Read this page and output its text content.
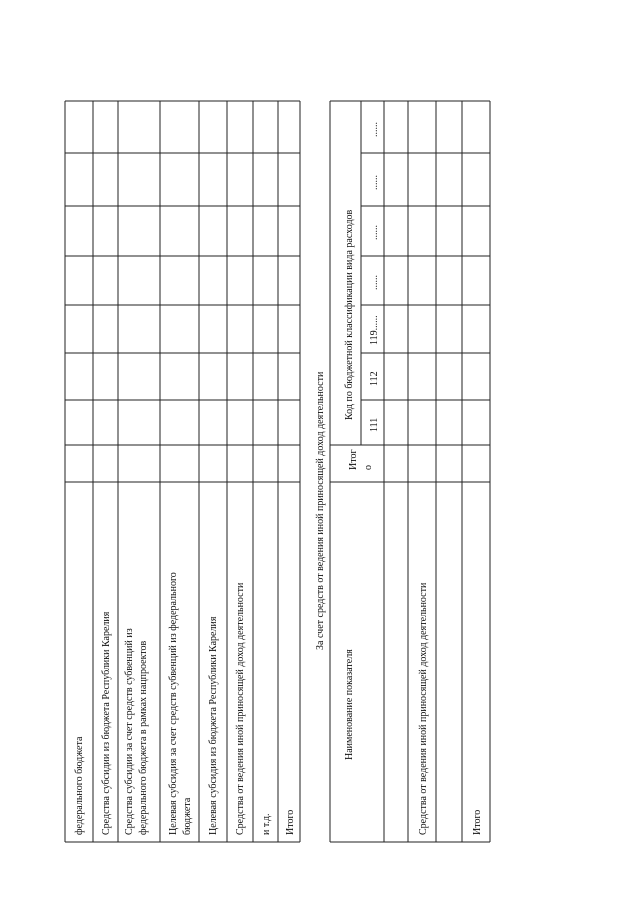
федерального бюджета Средства субсидии из бюджета Республики Карелия Средства субсидии за счет средств субвенций из федерального бюджета в рамках нацпроектов Целевая субсидия за счет средств субвенций из федерального бюджета Целевая субсидия из бюджета Республики Карелия Средства от ведения иной приносящей доход деятельности и т.д. Итого
За счет средств от ведения иной приносящей доход деятельности
Наименование показателя
Итог о
Код по бюджетной классификации вида расходов
111
112
119......
......
......
......
......
Средства от ведения иной приносящей доход деятельности	Итого
